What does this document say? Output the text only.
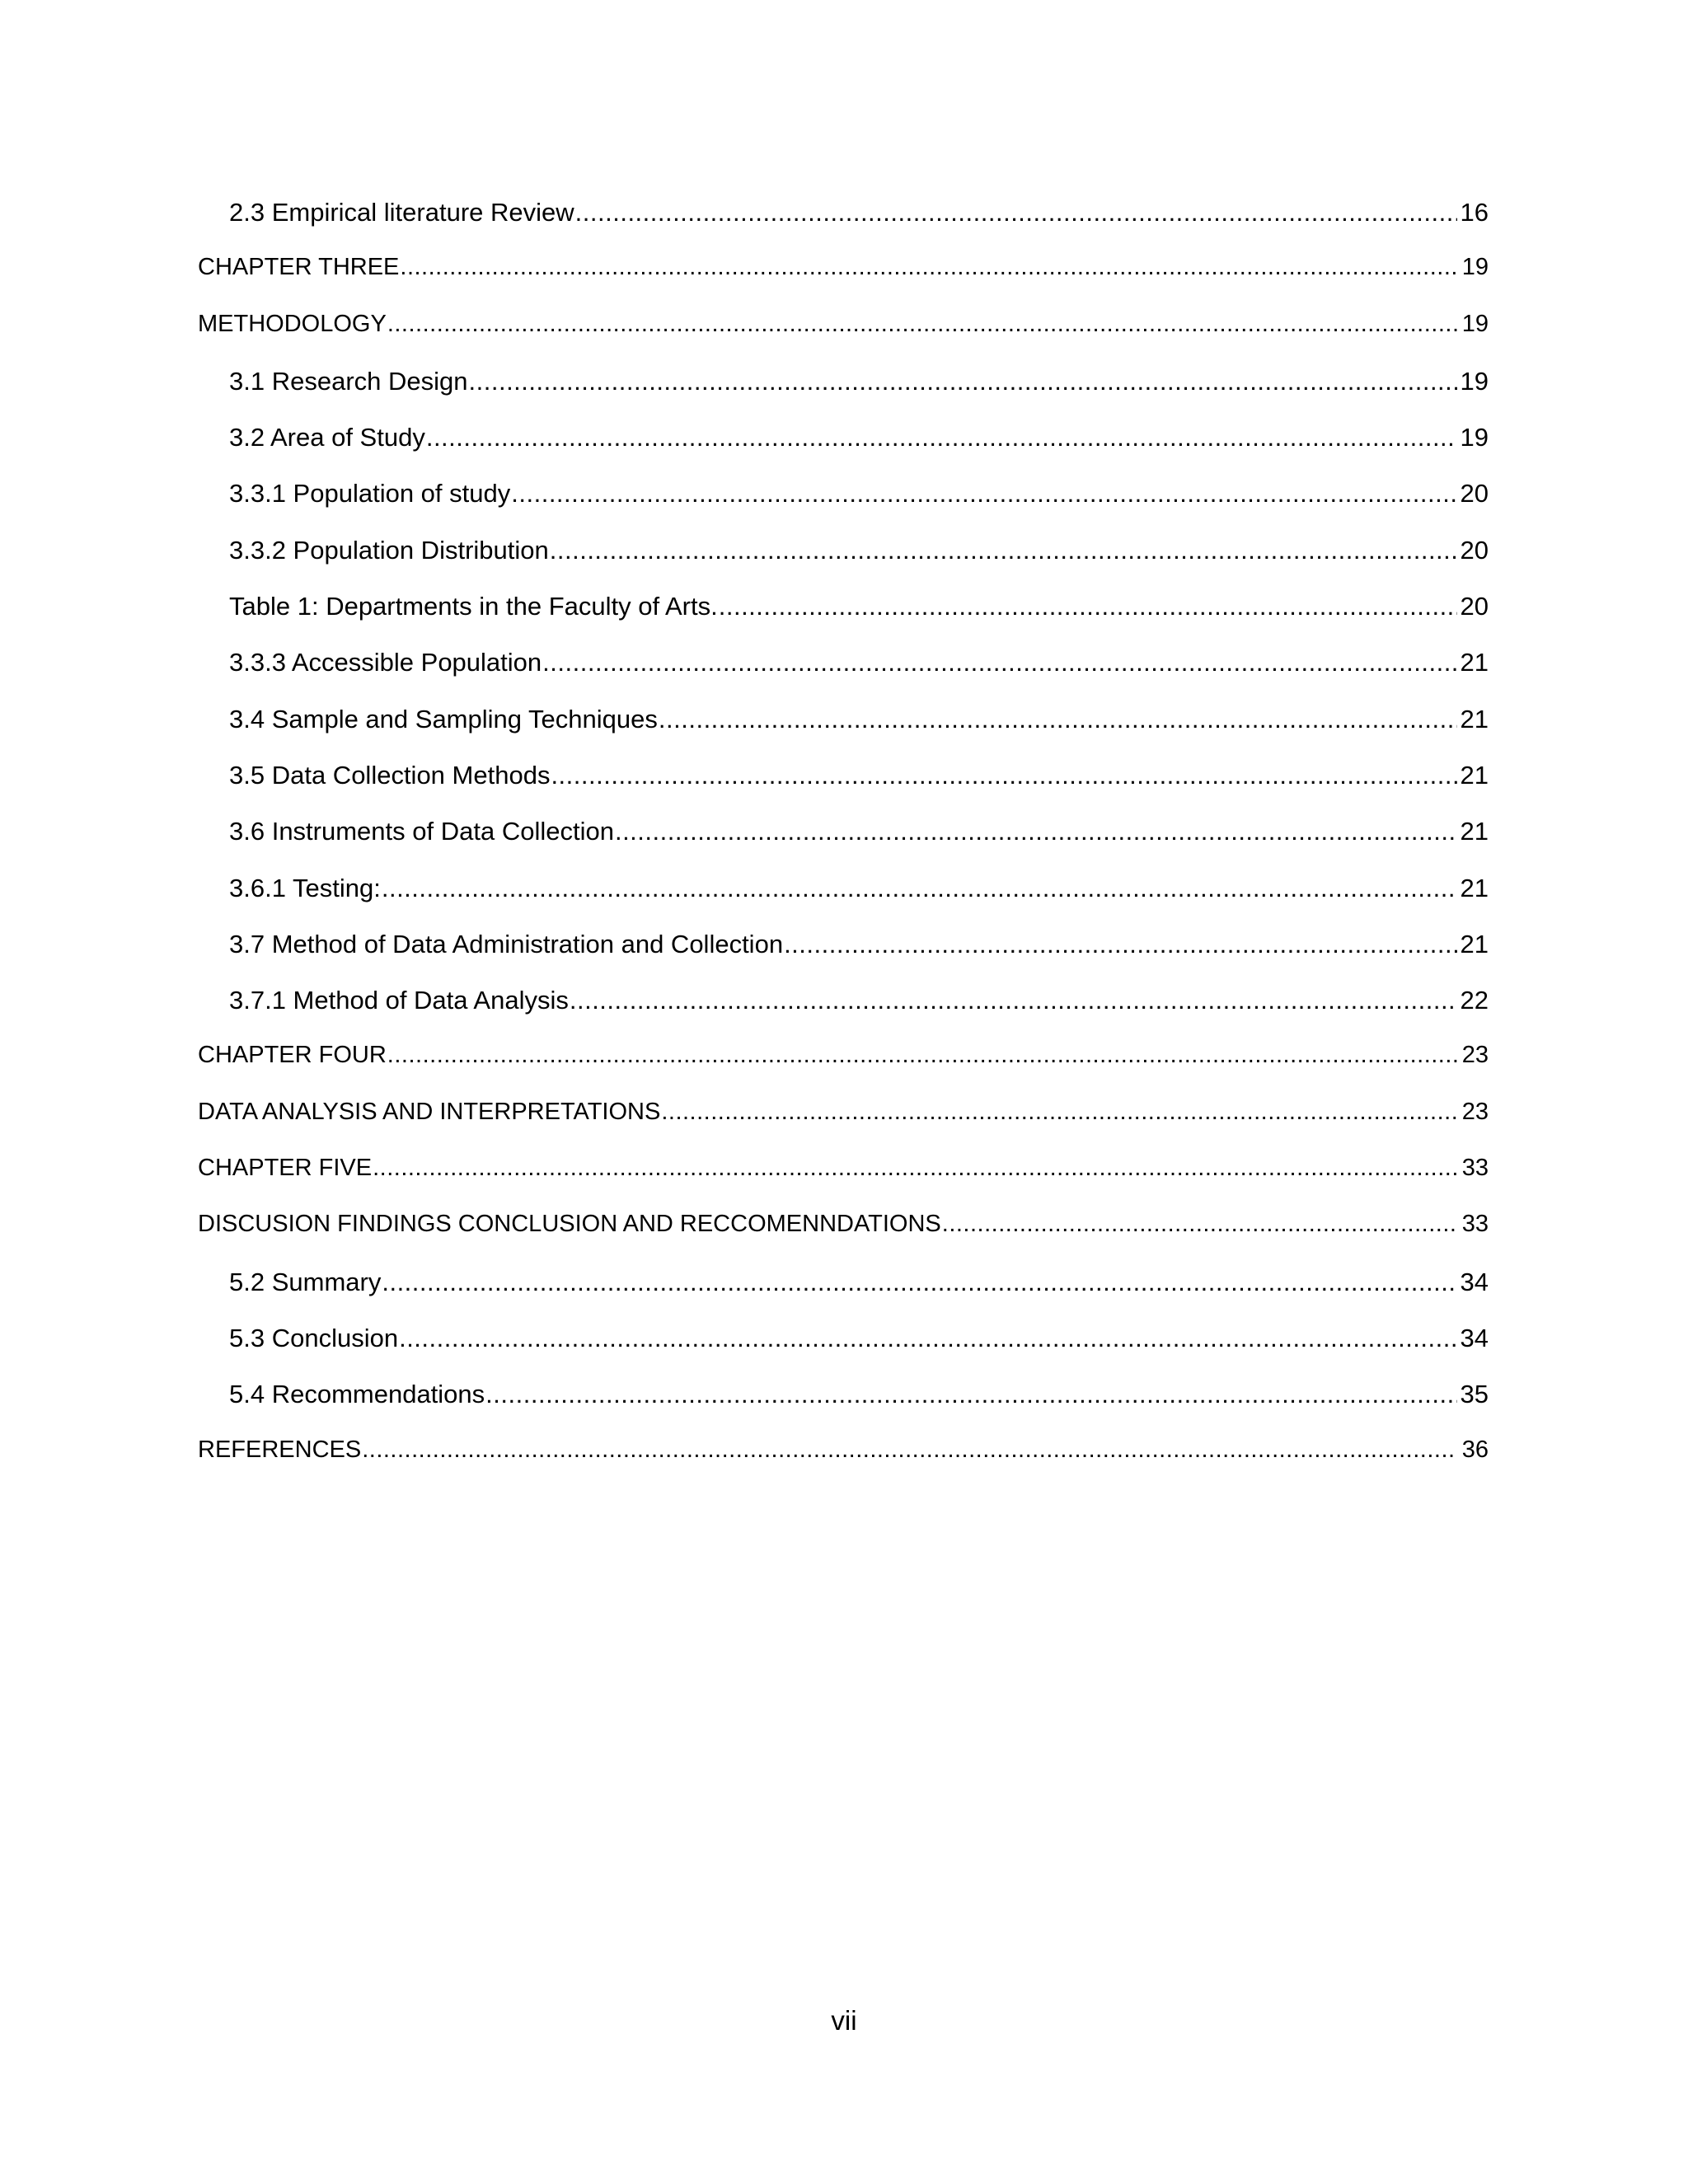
2.3 Empirical literature Review .....	16
CHAPTER THREE .....	19
METHODOLOGY .....	19
3.1 Research Design .....	19
3.2 Area of Study .....	19
3.3.1 Population of study .....	20
3.3.2 Population Distribution .....	20
Table 1: Departments in the Faculty of Arts. .....	20
3.3.3 Accessible Population .....	21
3.4 Sample and Sampling Techniques .....	21
3.5 Data Collection Methods .....	21
3.6 Instruments of Data Collection .....	21
3.6.1 Testing: .....	21
3.7 Method of Data Administration and Collection .....	21
3.7.1 Method of Data Analysis .....	22
CHAPTER FOUR .....	23
DATA ANALYSIS AND INTERPRETATIONS .....	23
CHAPTER FIVE .....	33
DISCUSION FINDINGS CONCLUSION AND RECCOMENNDATIONS .....	33
5.2 Summary .....	34
5.3 Conclusion .....	34
5.4 Recommendations .....	35
REFERENCES .....	36
vii
